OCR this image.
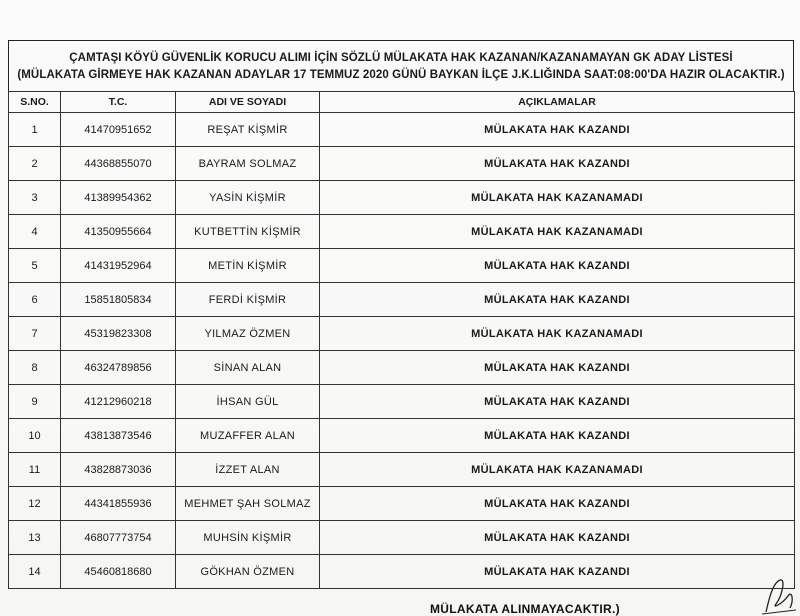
ÇAMTAŞI KÖYÜ GÜVENLİK KORUCU ALIMI İÇİN SÖZLÜ MÜLAKATA HAK KAZANAN/KAZANAMAYAN GK ADAY LİSTESİ
(MÜLAKATA GİRMEYE HAK KAZANAN ADAYLAR 17 TEMMUZ 2020 GÜNÜ BAYKAN İLÇE J.K.LIĞINDA SAAT:08:00'DA HAZIR OLACAKTIR.)
S.NO.	T.C.	ADI VE SOYADI	AÇIKLAMALAR
1	41470951652	REŞAT KİŞMİR	MÜLAKATA HAK KAZANDI
2	44368855070	BAYRAM SOLMAZ	MÜLAKATA HAK KAZANDI
3	41389954362	YASİN KİŞMİR	MÜLAKATA HAK KAZANAMADI
4	41350955664	KUTBETTİN KİŞMİR	MÜLAKATA HAK KAZANAMADI
5	41431952964	METİN KİŞMİR	MÜLAKATA HAK KAZANDI
6	15851805834	FERDİ KİŞMİR	MÜLAKATA HAK KAZANDI
7	45319823308	YILMAZ ÖZMEN	MÜLAKATA HAK KAZANAMADI
8	46324789856	SİNAN ALAN	MÜLAKATA HAK KAZANDI
9	41212960218	İHSAN GÜL	MÜLAKATA HAK KAZANDI
10	43813873546	MUZAFFER ALAN	MÜLAKATA HAK KAZANDI
11	43828873036	İZZET ALAN	MÜLAKATA HAK KAZANAMADI
12	44341855936	MEHMET ŞAH SOLMAZ	MÜLAKATA HAK KAZANDI
13	46807773754	MUHSİN KİŞMİR	MÜLAKATA HAK KAZANDI
14	45460818680	GÖKHAN ÖZMEN	MÜLAKATA HAK KAZANDI
MÜLAKATA ALINMAYACAKTIR.)
